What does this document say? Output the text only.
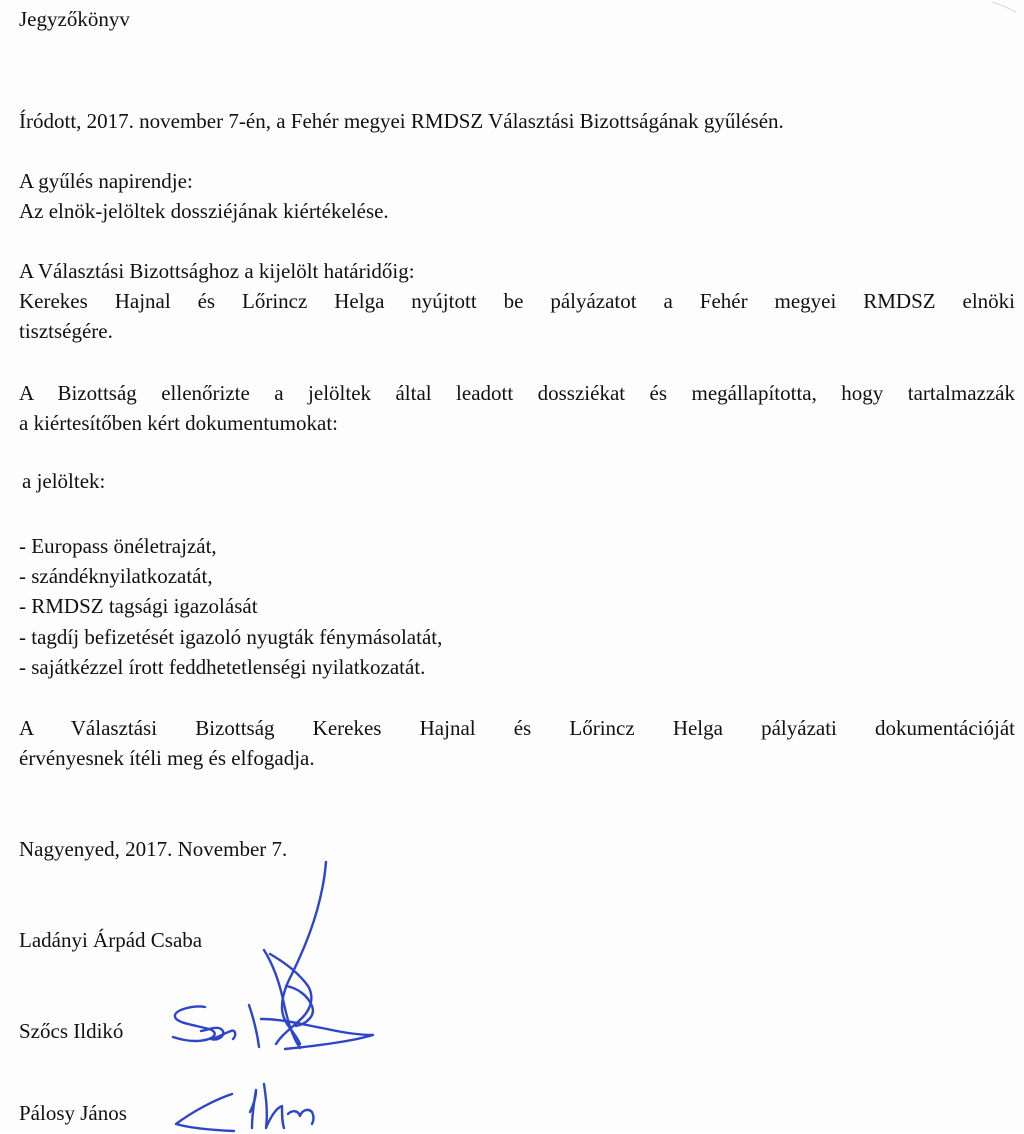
Jegyzőkönyv
Íródott, 2017. november 7-én, a Fehér megyei RMDSZ Választási Bizottságának gyűlésén.
A gyűlés napirendje:
Az elnök-jelöltek dossziéjának kiértékelése.
A Választási Bizottsághoz a kijelölt határidőig:
Kerekes Hajnal és Lőrincz Helga nyújtott be pályázatot a Fehér megyei RMDSZ elnöki
tisztségére.
A Bizottság ellenőrizte a jelöltek által leadott dossziékat és megállapította, hogy tartalmazzák
a kiértesítőben kért dokumentumokat:
a jelöltek:
- Europass önéletrajzát,
- szándéknyilatkozatát,
- RMDSZ tagsági igazolását
- tagdíj befizetését igazoló nyugták fénymásolatát,
- sajátkézzel írott feddhetetlenségi nyilatkozatát.
A Választási Bizottság Kerekes Hajnal és Lőrincz Helga pályázati dokumentációját
érvényesnek ítéli meg és elfogadja.
Nagyenyed, 2017. November 7.
Ladányi Árpád Csaba
Szőcs Ildikó
Pálosy János
